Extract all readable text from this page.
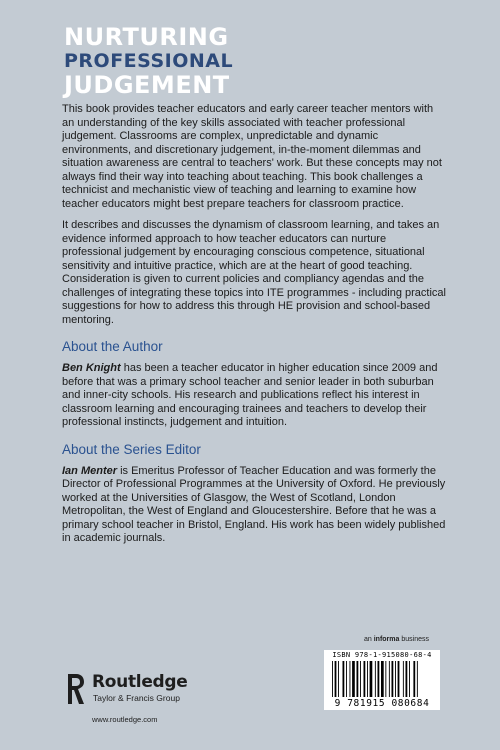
NURTURING
PROFESSIONAL
JUDGEMENT

This book provides teacher educators and early career teacher mentors with an understanding of the key skills associated with teacher professional judgement. Classrooms are complex, unpredictable and dynamic environments, and discretionary judgement, in-the-moment dilemmas and situation awareness are central to teachers' work. But these concepts may not always find their way into teaching about teaching. This book challenges a technicist and mechanistic view of teaching and learning to examine how teacher educators might best prepare teachers for classroom practice.

It describes and discusses the dynamism of classroom learning, and takes an evidence informed approach to how teacher educators can nurture professional judgement by encouraging conscious competence, situational sensitivity and intuitive practice, which are at the heart of good teaching. Consideration is given to current policies and compliancy agendas and the challenges of integrating these topics into ITE programmes - including practical suggestions for how to address this through HE provision and school-based mentoring.

About the Author

Ben Knight has been a teacher educator in higher education since 2009 and before that was a primary school teacher and senior leader in both suburban and inner-city schools. His research and publications reflect his interest in classroom learning and encouraging trainees and teachers to develop their professional instincts, judgement and intuition.

About the Series Editor

Ian Menter is Emeritus Professor of Teacher Education and was formerly the Director of Professional Programmes at the University of Oxford. He previously worked at the Universities of Glasgow, the West of Scotland, London Metropolitan, the West of England and Gloucestershire. Before that he was a primary school teacher in Bristol, England. His work has been widely published in academic journals.

an informa business
ISBN 978-1-915080-68-4
9 781915 080684
Routledge
Taylor & Francis Group
www.routledge.com
